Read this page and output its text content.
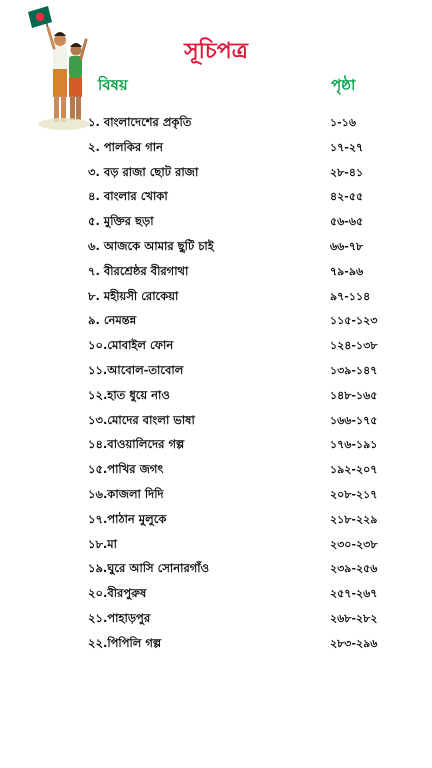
সূচিপত্র
বিষয়	পৃষ্ঠা
১. বাংলাদেশের প্রকৃতি	১-১৬
২. পালকির গান	১৭-২৭
৩. বড় রাজা ছোট রাজা	২৮-৪১
৪. বাংলার খোকা	৪২-৫৫
৫. মুক্তির ছড়া	৫৬-৬৫
৬. আজকে আমার ছুটি চাই	৬৬-৭৮
৭. বীরশ্রেষ্ঠর বীরগাথা	৭৯-৯৬
৮. মহীয়সী রোকেয়া	৯৭-১১৪
৯. নেমন্তন্ন	১১৫-১২৩
১০.মোবাইল ফোন	১২৪-১৩৮
১১.আবোল-তাবোল	১৩৯-১৪৭
১২.হাত ধুয়ে নাও	১৪৮-১৬৫
১৩.মোদের বাংলা ভাষা	১৬৬-১৭৫
১৪.বাওয়ালিদের গল্প	১৭৬-১৯১
১৫.পাখির জগৎ	১৯২-২০৭
১৬.কাজলা দিদি	২০৮-২১৭
১৭.পাঠান মুলুকে	২১৮-২২৯
১৮.মা	২৩০-২৩৮
১৯.ঘুরে আসি সোনারগাঁও	২৩৯-২৫৬
২০.বীরপুরুষ	২৫৭-২৬৭
২১.পাহাড়পুর	২৬৮-২৮২
২২.পিপিলি গল্প	২৮৩-২৯৬
